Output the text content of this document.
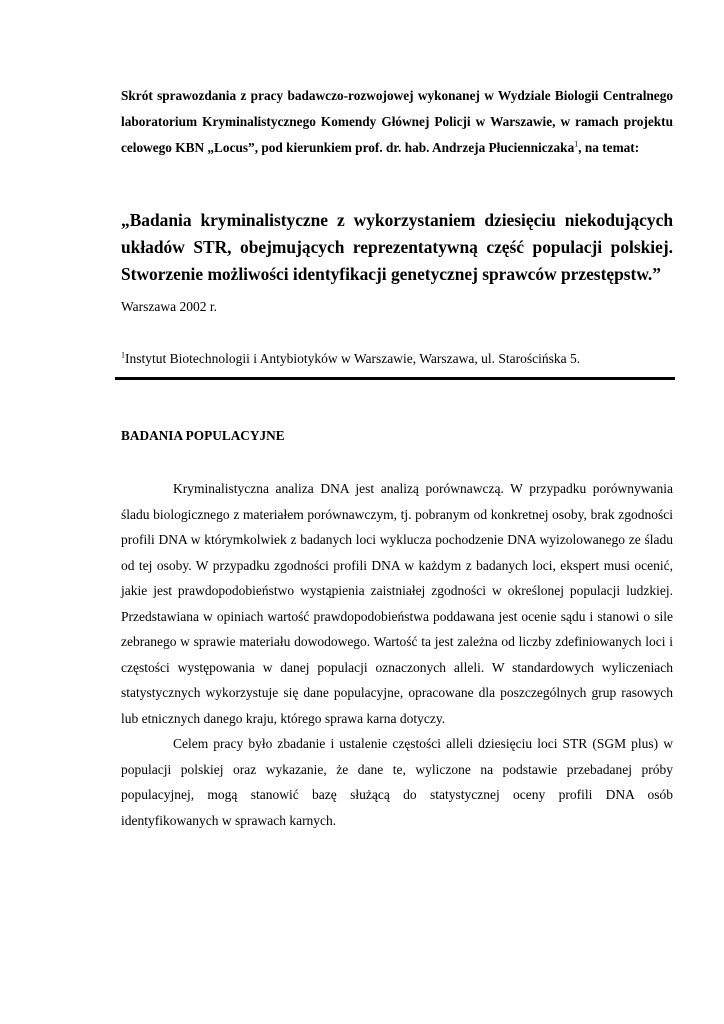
Skrót sprawozdania z pracy badawczo-rozwojowej wykonanej w Wydziale Biologii Centralnego laboratorium Kryminalistycznego Komendy Głównej Policji w Warszawie, w ramach projektu celowego KBN „Locus”, pod kierunkiem prof. dr. hab. Andrzeja Płucienniczaka$^1$, na temat:
„Badania kryminalistyczne z wykorzystaniem dziesięciu niekodujących układów STR, obejmujących reprezentatywną część populacji polskiej. Stworzenie możliwości identyfikacji genetycznej sprawców przestępstw.”
Warszawa 2002 r.
$^1$Instytut Biotechnologii i Antybiotyków w Warszawie, Warszawa, ul. Starościńska 5.
BADANIA POPULACYJNE

Kryminalistyczna analiza DNA jest analizą porównawczą. W przypadku porównywania śladu biologicznego z materiałem porównawczym, tj. pobranym od konkretnej osoby, brak zgodności profili DNA w którymkolwiek z badanych loci wyklucza pochodzenie DNA wyizolowanego ze śladu od tej osoby. W przypadku zgodności profili DNA w każdym z badanych loci, ekspert musi ocenić, jakie jest prawdopodobieństwo wystąpienia zaistniałej zgodności w określonej populacji ludzkiej. Przedstawiana w opiniach wartość prawdopodobieństwa poddawana jest ocenie sądu i stanowi o sile zebranego w sprawie materiału dowodowego. Wartość ta jest zależna od liczby zdefiniowanych loci i częstości występowania w danej populacji oznaczonych alleli. W standardowych wyliczeniach statystycznych wykorzystuje się dane populacyjne, opracowane dla poszczególnych grup rasowych lub etnicznych danego kraju, którego sprawa karna dotyczy.

Celem pracy było zbadanie i ustalenie częstości alleli dziesięciu loci STR (SGM plus) w populacji polskiej oraz wykazanie, że dane te, wyliczone na podstawie przebadanej próby populacyjnej, mogą stanowić bazę służącą do statystycznej oceny profili DNA osób identyfikowanych w sprawach karnych.
